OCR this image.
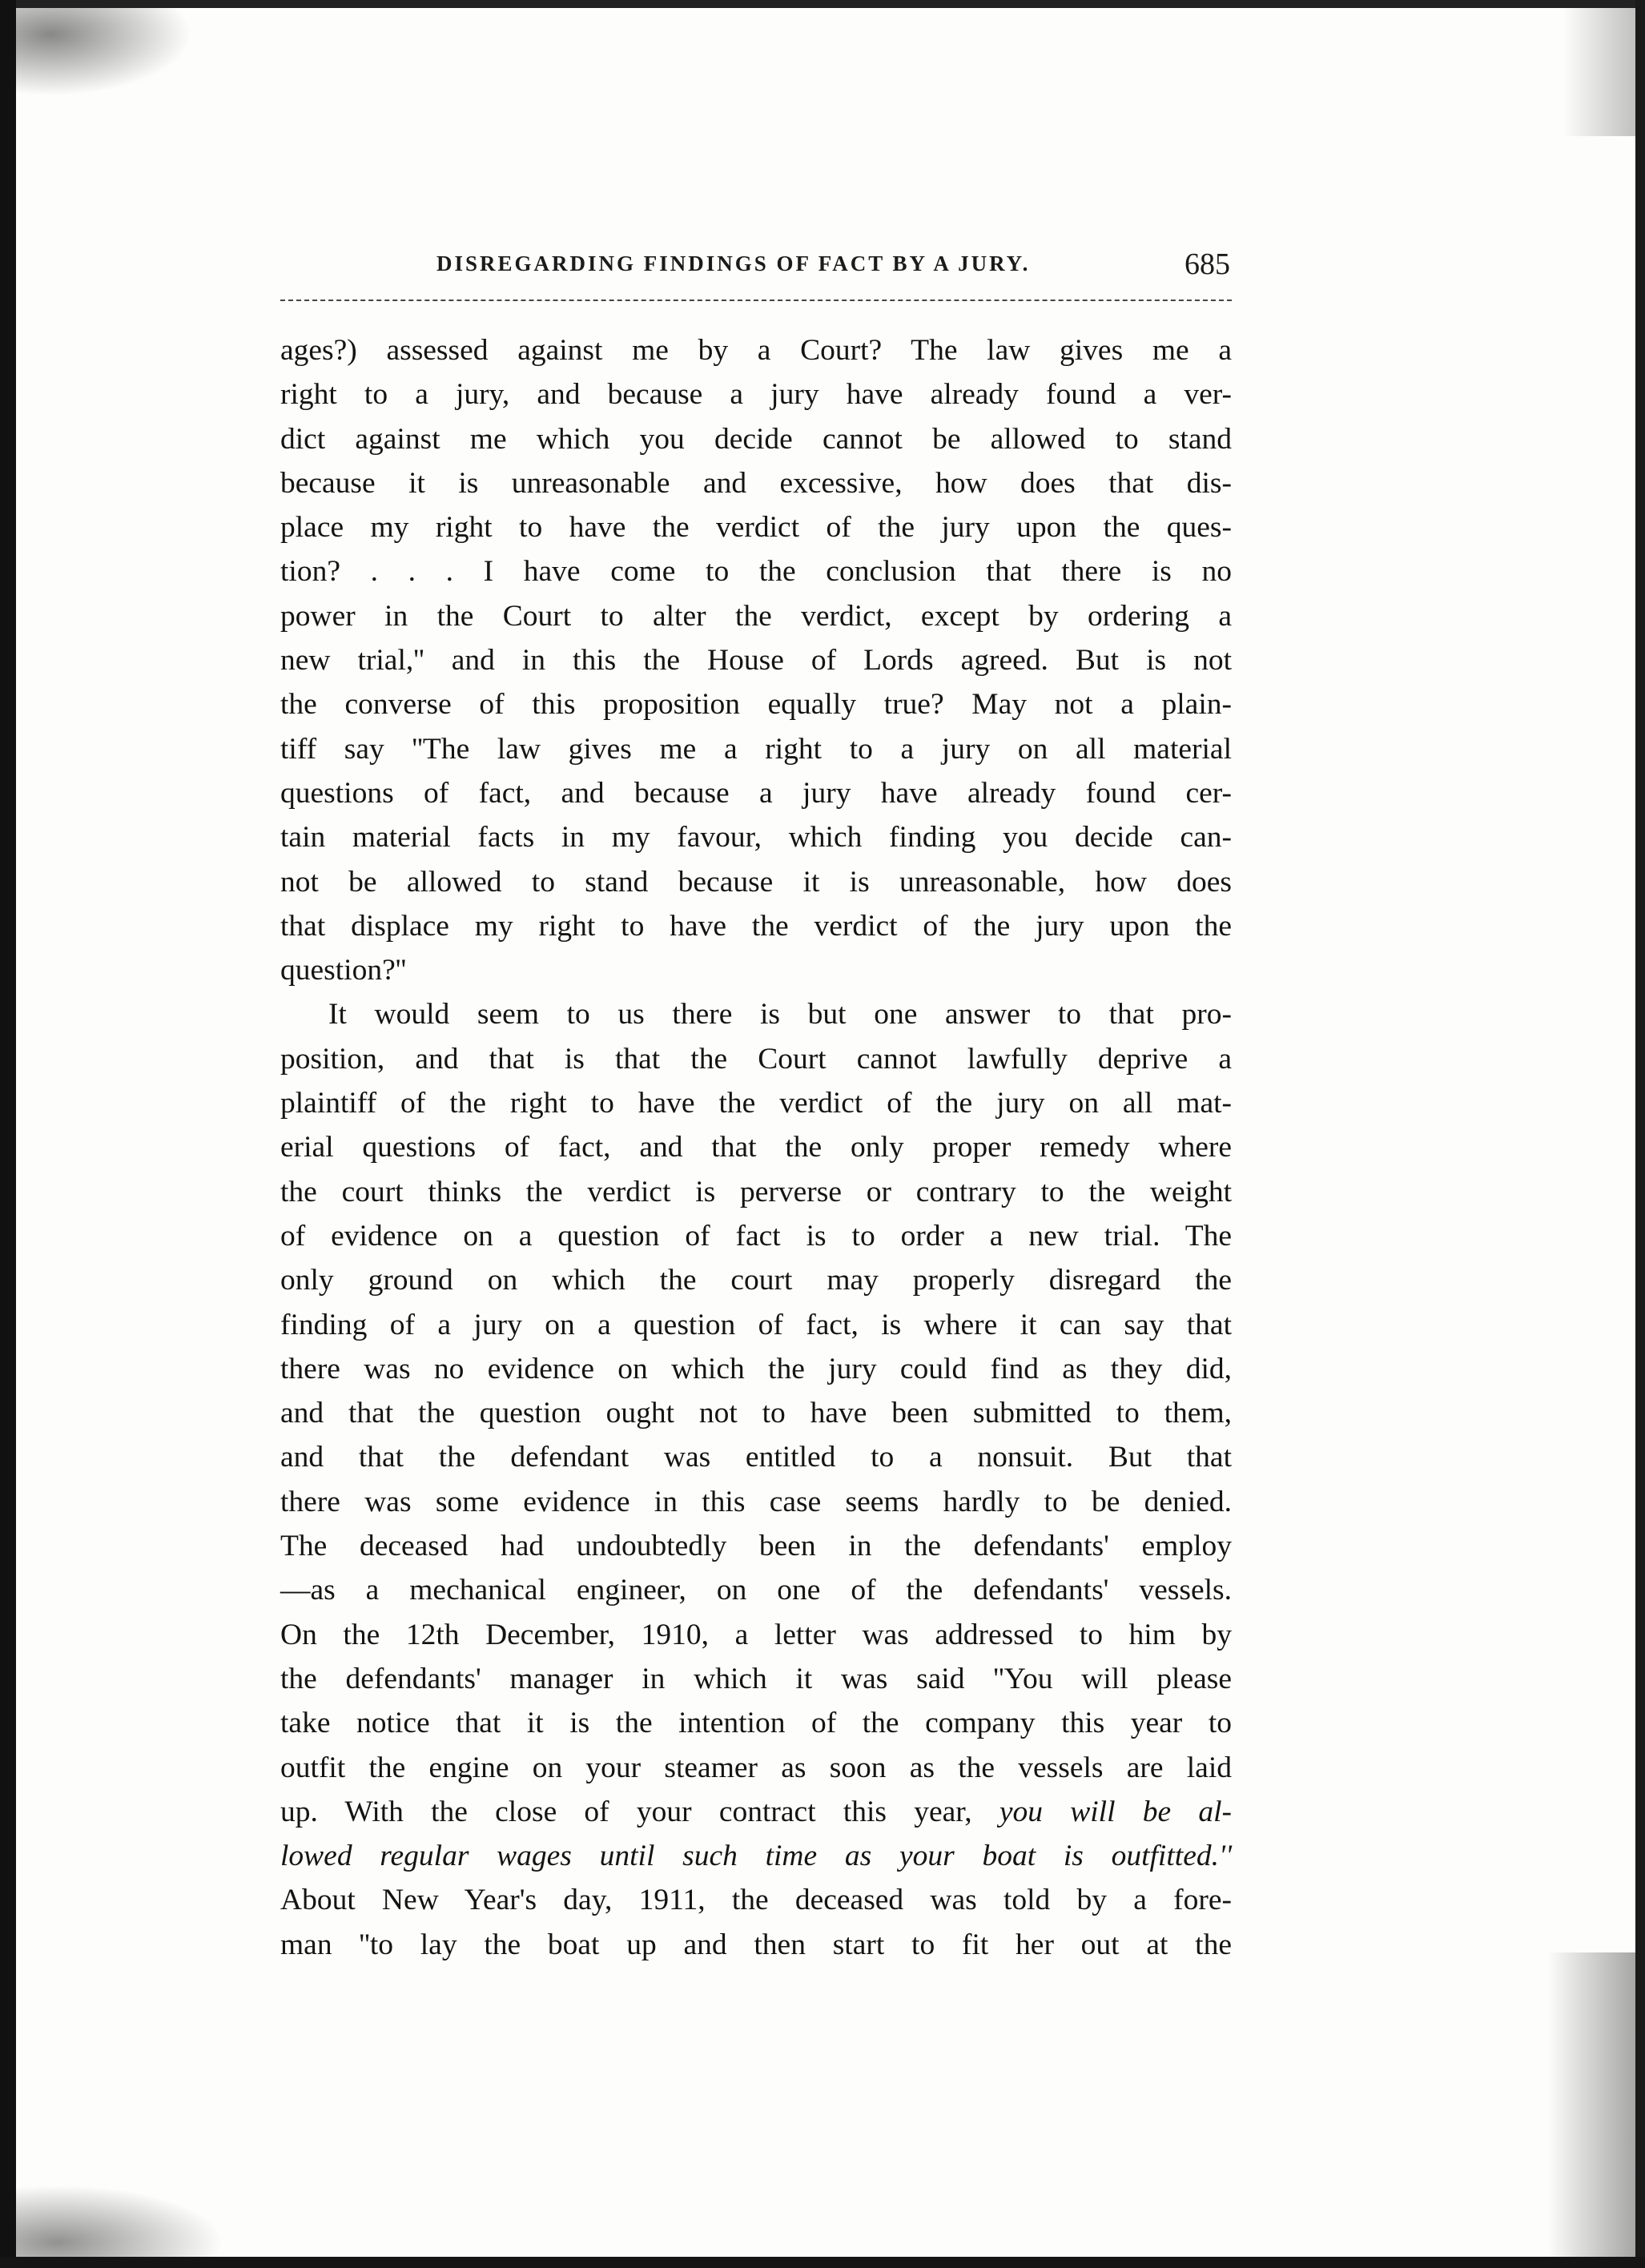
DISREGARDING FINDINGS OF FACT BY A JURY.	685
ages?) assessed against me by a Court? The law gives me a
right to a jury, and because a jury have already found a ver-
dict against me which you decide cannot be allowed to stand
because it is unreasonable and excessive, how does that dis-
place my right to have the verdict of the jury upon the ques-
tion? . . . I have come to the conclusion that there is no
power in the Court to alter the verdict, except by ordering a
new trial,'' and in this the House of Lords agreed. But is not
the converse of this proposition equally true? May not a plain-
tiff say ''The law gives me a right to a jury on all material
questions of fact, and because a jury have already found cer-
tain material facts in my favour, which finding you decide can-
not be allowed to stand because it is unreasonable, how does
that displace my right to have the verdict of the jury upon the
question?''
It would seem to us there is but one answer to that pro-
position, and that is that the Court cannot lawfully deprive a
plaintiff of the right to have the verdict of the jury on all mat-
erial questions of fact, and that the only proper remedy where
the court thinks the verdict is perverse or contrary to the weight
of evidence on a question of fact is to order a new trial. The
only ground on which the court may properly disregard the
finding of a jury on a question of fact, is where it can say that
there was no evidence on which the jury could find as they did,
and that the question ought not to have been submitted to them,
and that the defendant was entitled to a nonsuit. But that
there was some evidence in this case seems hardly to be denied.
The deceased had undoubtedly been in the defendants' employ
—as a mechanical engineer, on one of the defendants' vessels.
On the 12th December, 1910, a letter was addressed to him by
the defendants' manager in which it was said ''You will please
take notice that it is the intention of the company this year to
outfit the engine on your steamer as soon as the vessels are laid
up. With the close of your contract this year, you will be al-
lowed regular wages until such time as your boat is outfitted.''
About New Year's day, 1911, the deceased was told by a fore-
man ''to lay the boat up and then start to fit her out at the
